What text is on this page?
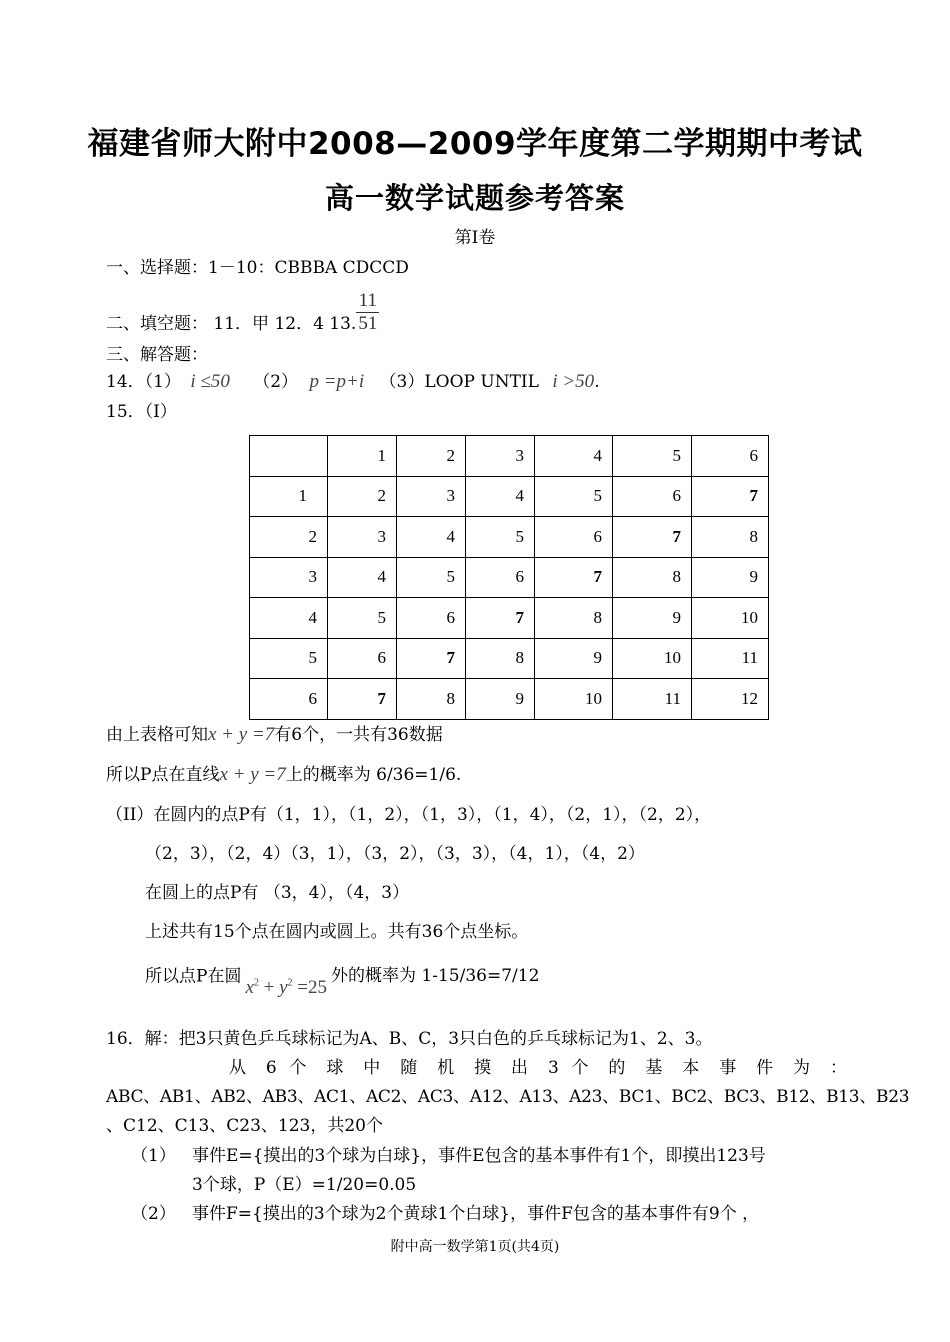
福建省师大附中2008—2009学年度第二学期期中考试
高一数学试题参考答案
第I卷
一、选择题：1－10：CBBBA CDCCD
二、填空题： 11．甲 12．4 13. $\frac{11}{51}$
三、解答题：
14．（1） i ≤50 （2） p =p+i （3）LOOP UNTIL i >50.
15．（I）
	1	2	3	4	5	6
1	2	3	4	5	6	7
2	3	4	5	6	7	8
3	4	5	6	7	8	9
4	5	6	7	8	9	10
5	6	7	8	9	10	11
6	7	8	9	10	11	12
由上表格可知x + y =7有6个，一共有36数据
所以P点在直线x + y =7上的概率为 6/36=1/6.
（II）在圆内的点P有（1，1），（1，2），（1，3），（1，4），（2，1），（2，2），
（2，3），（2，4）（3，1），（3，2），（3，3），（4，1），（4，2）
在圆上的点P有 （3，4），（4，3）
上述共有15个点在圆内或圆上。共有36个点坐标。
所以点P在圆$x^2 + y^2 =25$外的概率为 1-15/36=7/12
16．解：把3只黄色乒乓球标记为A、B、C，3只白色的乒乓球标记为1、2、3。
从 6 个 球 中 随 机 摸 出 3 个 的 基 本 事 件 为 ：
ABC、AB1、AB2、AB3、AC1、AC2、AC3、A12、A13、A23、BC1、BC2、BC3、B12、B13、B23
、C12、C13、C23、123，共20个
（1） 事件E={摸出的3个球为白球}，事件E包含的基本事件有1个，即摸出123号
3个球，P（E）=1/20=0.05
（2） 事件F={摸出的3个球为2个黄球1个白球}，事件F包含的基本事件有9个 ，
附中高一数学第1页(共4页)
